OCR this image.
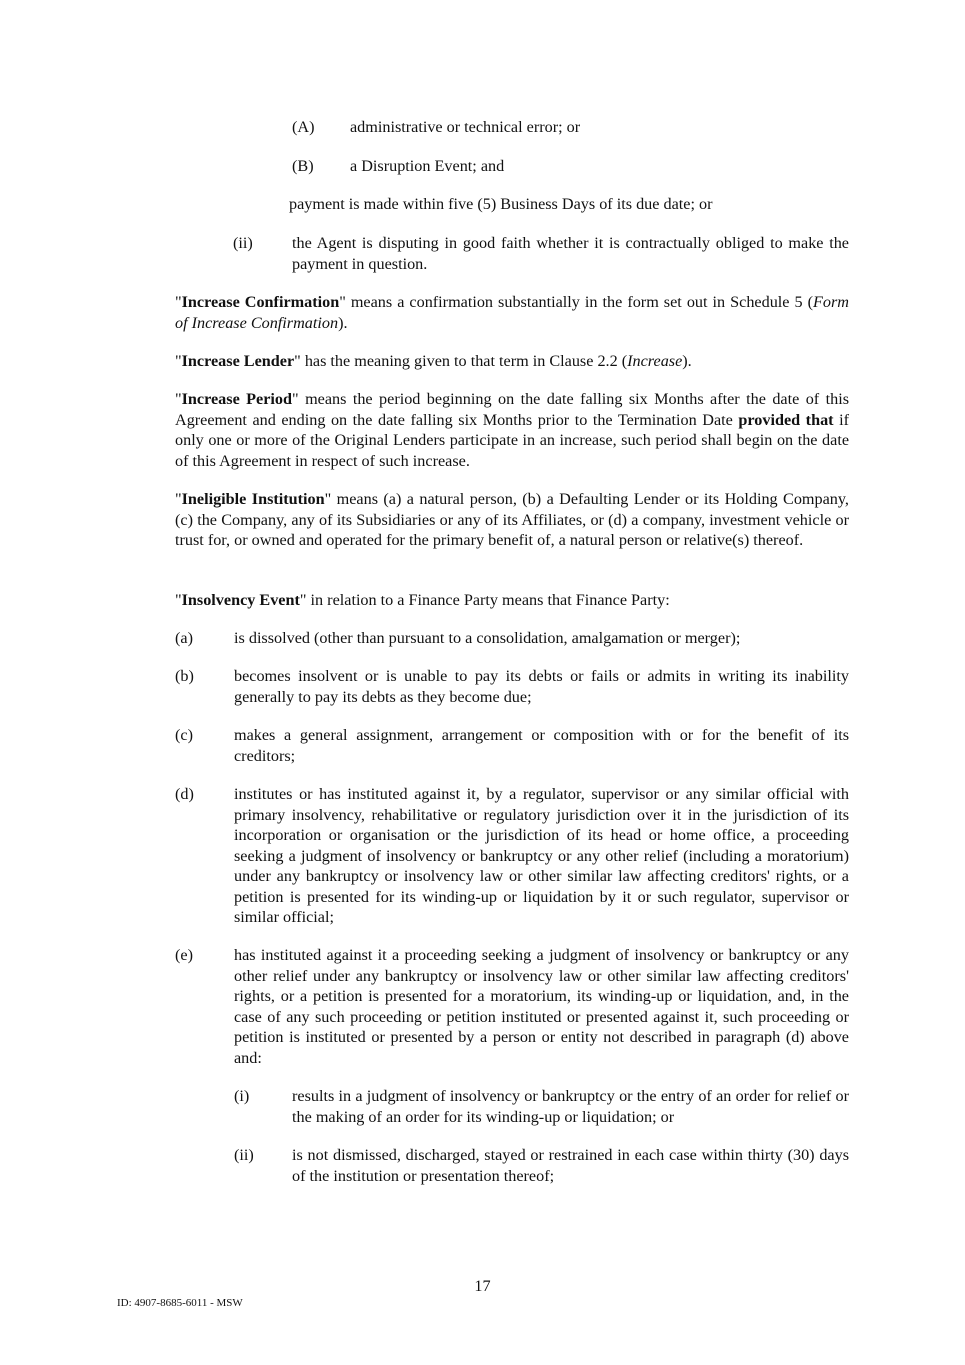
(A) administrative or technical error; or
(B) a Disruption Event; and
payment is made within five (5) Business Days of its due date; or
(ii) the Agent is disputing in good faith whether it is contractually obliged to make the payment in question.
"Increase Confirmation" means a confirmation substantially in the form set out in Schedule 5 (Form of Increase Confirmation).
"Increase Lender" has the meaning given to that term in Clause 2.2 (Increase).
"Increase Period" means the period beginning on the date falling six Months after the date of this Agreement and ending on the date falling six Months prior to the Termination Date provided that if only one or more of the Original Lenders participate in an increase, such period shall begin on the date of this Agreement in respect of such increase.
"Ineligible Institution" means (a) a natural person, (b) a Defaulting Lender or its Holding Company, (c) the Company, any of its Subsidiaries or any of its Affiliates, or (d) a company, investment vehicle or trust for, or owned and operated for the primary benefit of, a natural person or relative(s) thereof.
"Insolvency Event" in relation to a Finance Party means that Finance Party:
(a)	is dissolved (other than pursuant to a consolidation, amalgamation or merger);
(b) becomes insolvent or is unable to pay its debts or fails or admits in writing its inability generally to pay its debts as they become due;
(c)	makes a general assignment, arrangement or composition with or for the benefit of its creditors;
(d) institutes or has instituted against it, by a regulator, supervisor or any similar official with primary insolvency, rehabilitative or regulatory jurisdiction over it in the jurisdiction of its incorporation or organisation or the jurisdiction of its head or home office, a proceeding seeking a judgment of insolvency or bankruptcy or any other relief (including a moratorium) under any bankruptcy or insolvency law or other similar law affecting creditors' rights, or a petition is presented for its winding-up or liquidation by it or such regulator, supervisor or similar official;
(e)	has instituted against it a proceeding seeking a judgment of insolvency or bankruptcy or any other relief under any bankruptcy or insolvency law or other similar law affecting creditors' rights, or a petition is presented for a moratorium, its winding-up or liquidation, and, in the case of any such proceeding or petition instituted or presented against it, such proceeding or petition is instituted or presented by a person or entity not described in paragraph (d) above and:
(i)	results in a judgment of insolvency or bankruptcy or the entry of an order for relief or the making of an order for its winding-up or liquidation; or
(ii) is not dismissed, discharged, stayed or restrained in each case within thirty (30) days of the institution or presentation thereof;
17
ID: 4907-8685-6011 - MSW
